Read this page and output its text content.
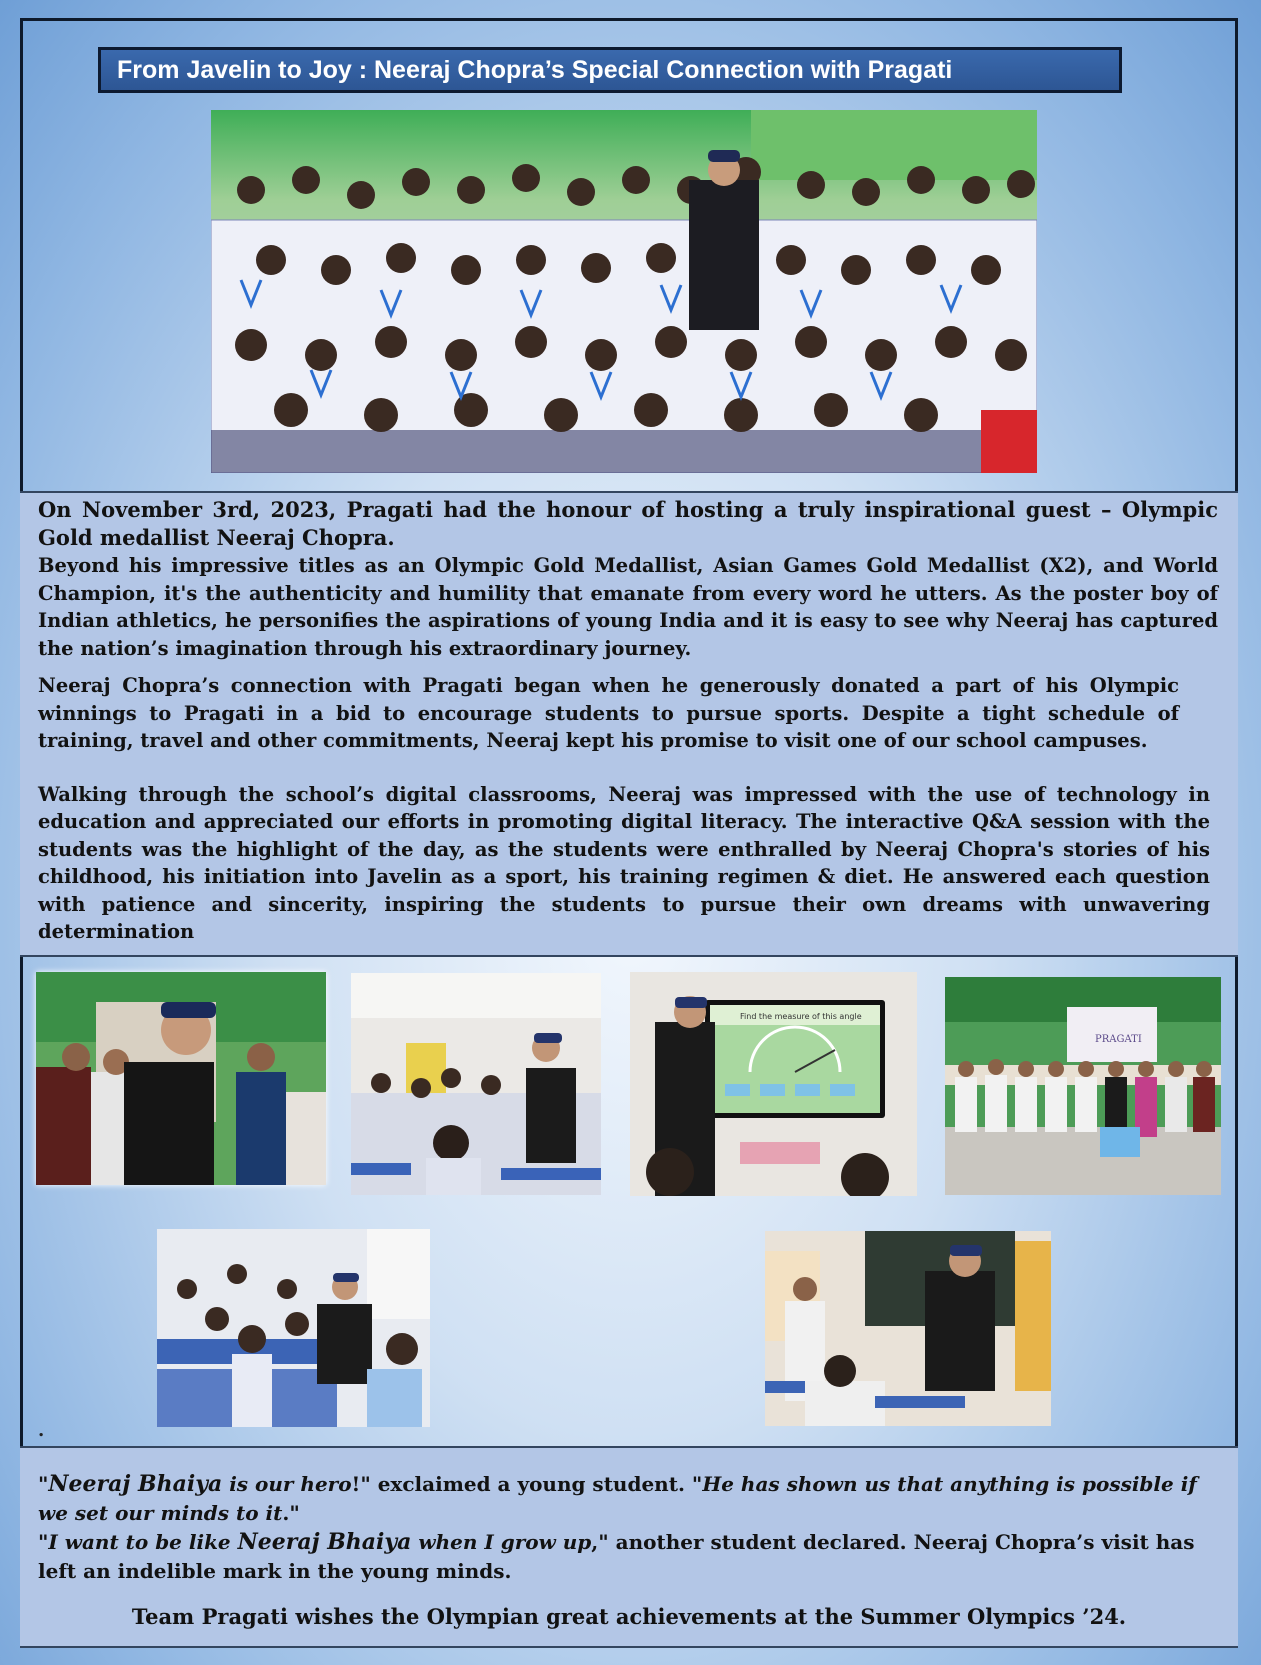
From Javelin to Joy : Neeraj Chopra’s Special Connection with Pragati

On November 3rd, 2023, Pragati had the honour of hosting a truly inspirational guest – Olympic Gold medallist Neeraj Chopra.

Beyond his impressive titles as an Olympic Gold Medallist, Asian Games Gold Medallist (X2), and World Champion, it's the authenticity and humility that emanate from every word he utters. As the poster boy of Indian athletics, he personifies the aspirations of young India and it is easy to see why Neeraj has captured the nation’s imagination through his extraordinary journey.

Neeraj Chopra’s connection with Pragati began when he generously donated a part of his Olympic winnings to Pragati in a bid to encourage students to pursue sports. Despite a tight schedule of training, travel and other commitments, Neeraj kept his promise to visit one of our school campuses.

Walking through the school’s digital classrooms, Neeraj was impressed with the use of technology in education and appreciated our efforts in promoting digital literacy. The interactive Q&A session with the students was the highlight of the day, as the students were enthralled by Neeraj Chopra's stories of his childhood, his initiation into Javelin as a sport, his training regimen & diet. He answered each question with patience and sincerity, inspiring the students to pursue their own dreams with unwavering determination

Find the measure of this angle
PRAGATI
.

"Neeraj Bhaiya is our hero!" exclaimed a young student. "He has shown us that anything is possible if we set our minds to it."

"I want to be like Neeraj Bhaiya when I grow up," another student declared. Neeraj Chopra’s visit has left an indelible mark in the young minds.

Team Pragati wishes the Olympian great achievements at the Summer Olympics ’24.
